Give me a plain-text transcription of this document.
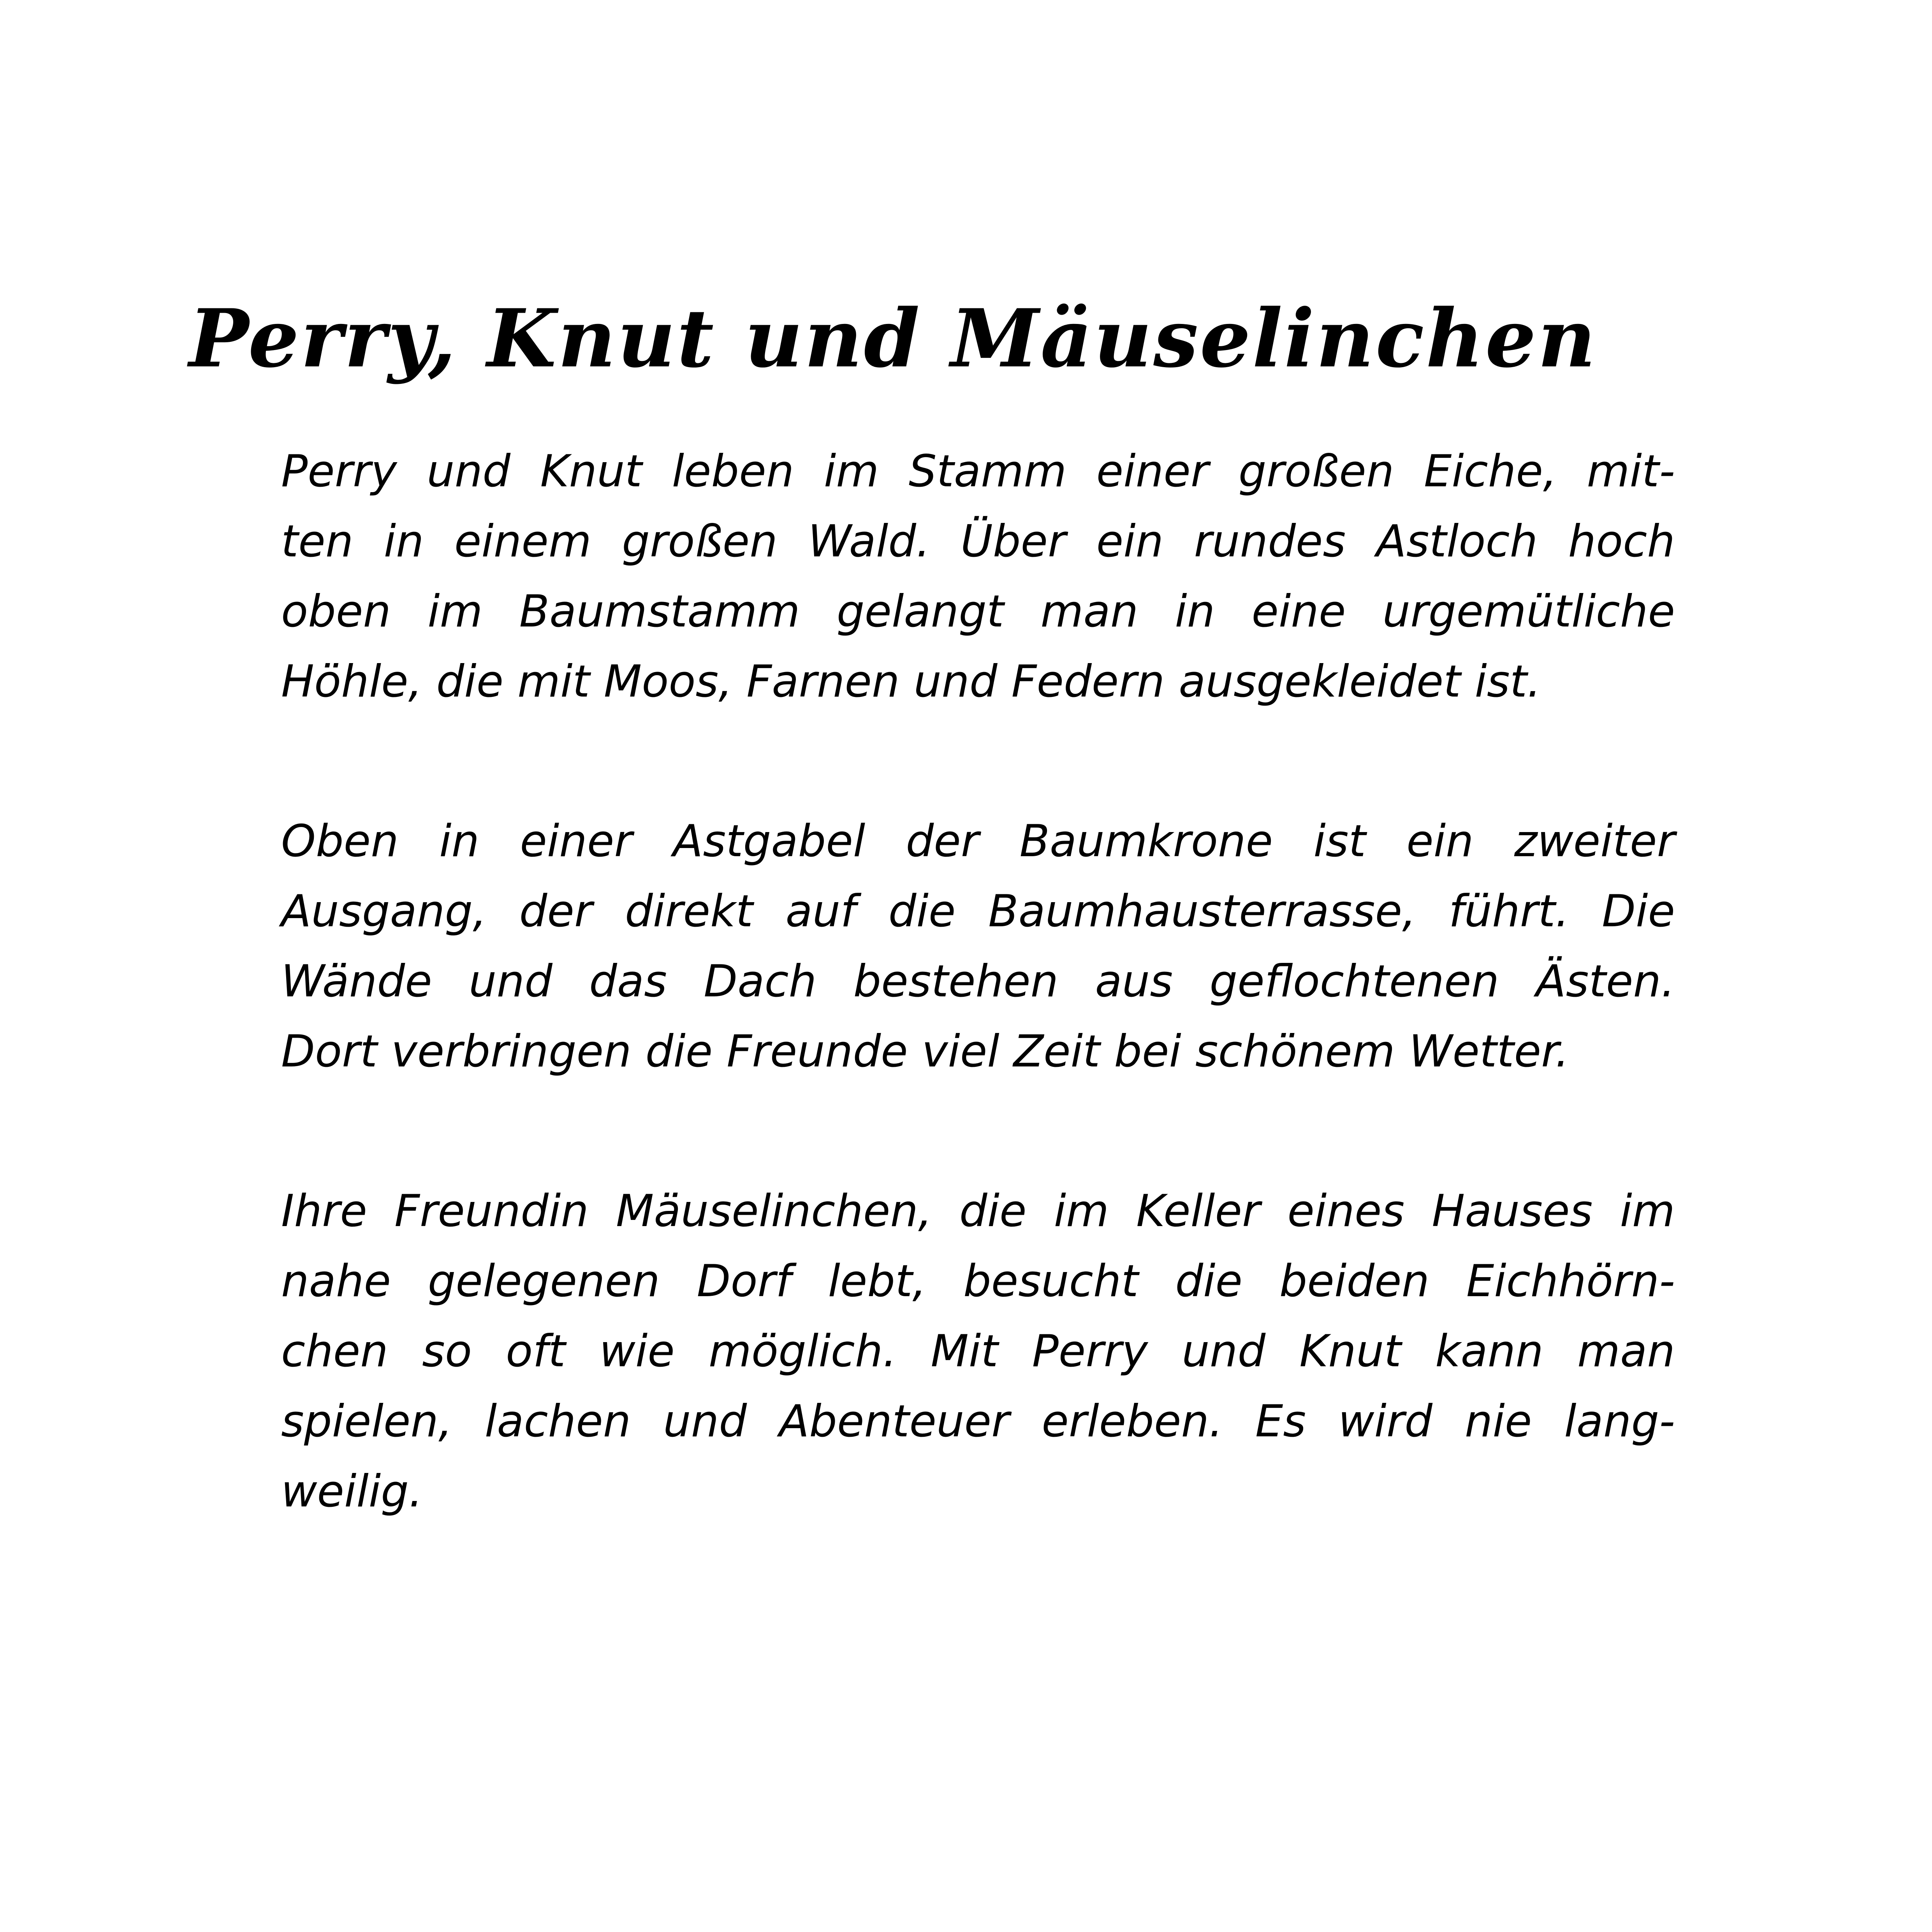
Perry, Knut und Mäuselinchen

Perry und Knut leben im Stamm einer großen Eiche, mit-
ten in einem großen Wald. Über ein rundes Astloch hoch
oben im Baumstamm gelangt man in eine urgemütliche
Höhle, die mit Moos, Farnen und Federn ausgekleidet ist.

Oben in einer Astgabel der Baumkrone ist ein zweiter
Ausgang, der direkt auf die Baumhausterrasse, führt. Die
Wände und das Dach bestehen aus geflochtenen Ästen.
Dort verbringen die Freunde viel Zeit bei schönem Wetter.

Ihre Freundin Mäuselinchen, die im Keller eines Hauses im
nahe gelegenen Dorf lebt, besucht die beiden Eichhörn-
chen so oft wie möglich. Mit Perry und Knut kann man
spielen, lachen und Abenteuer erleben. Es wird nie lang-
weilig.
